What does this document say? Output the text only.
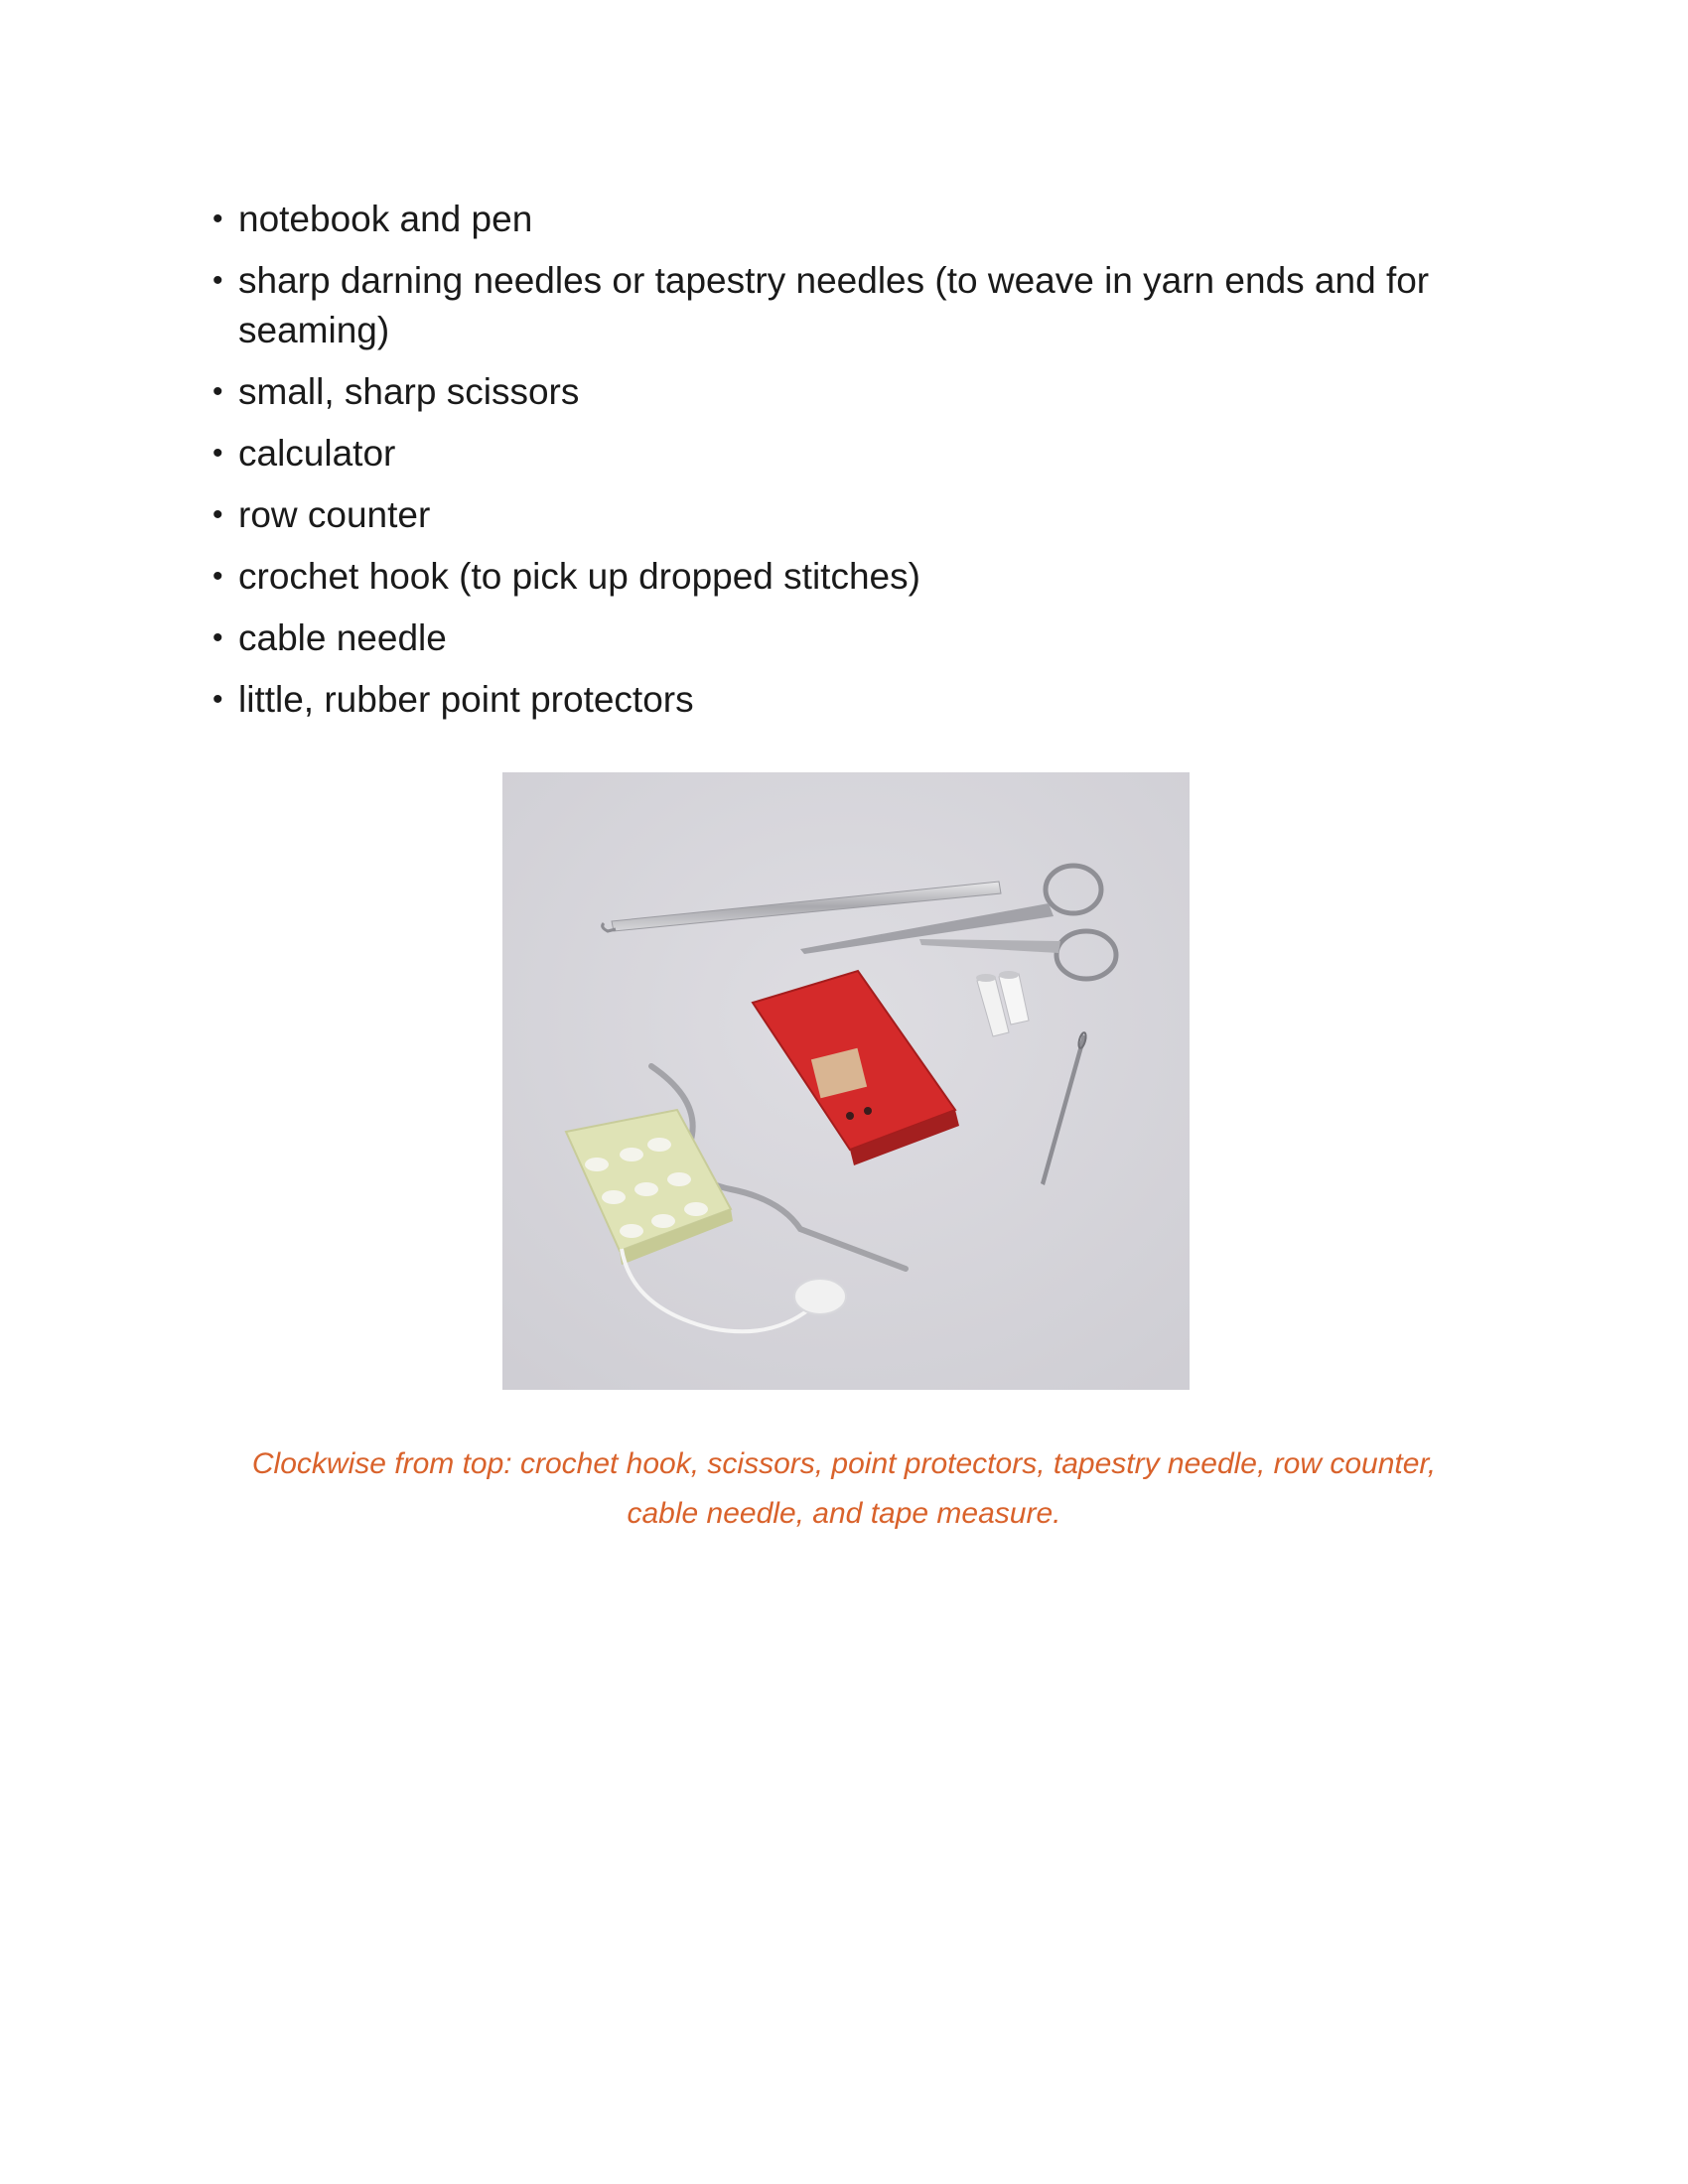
• notebook and pen
• sharp darning needles or tapestry needles (to weave in yarn ends and for seaming)
• small, sharp scissors
• calculator
• row counter
• crochet hook (to pick up dropped stitches)
• cable needle
• little, rubber point protectors
Clockwise from top: crochet hook, scissors, point protectors, tapestry needle, row counter, cable needle, and tape measure.
